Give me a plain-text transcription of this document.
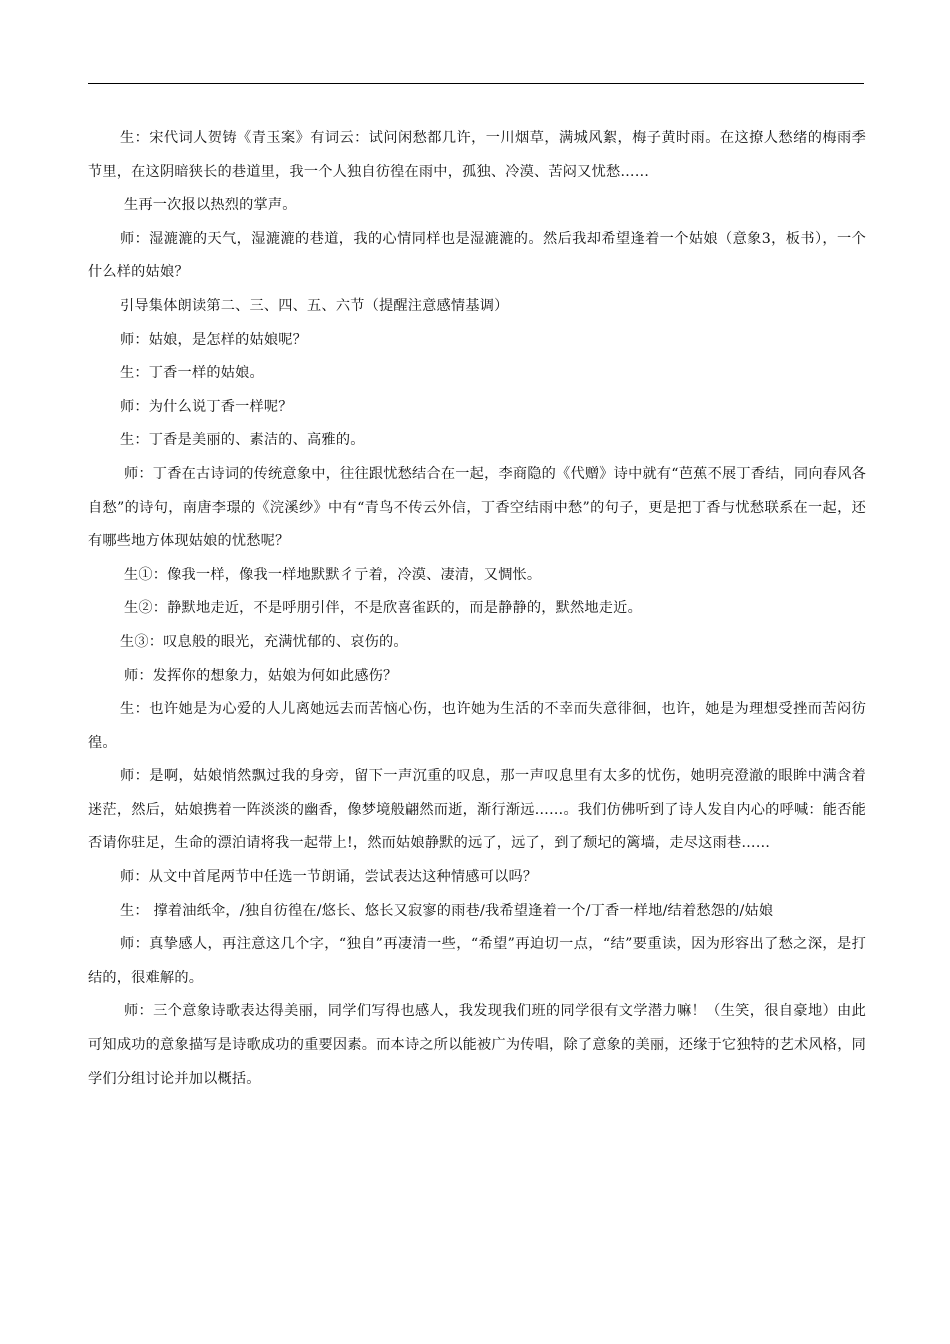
生：宋代词人贺铸《青玉案》有词云：试问闲愁都几许，一川烟草，满城风絮，梅子黄时雨。在这撩人愁绪的梅雨季节里，在这阴暗狭长的巷道里，我一个人独自彷徨在雨中，孤独、冷漠、苦闷又忧愁……

生再一次报以热烈的掌声。

师：湿漉漉的天气，湿漉漉的巷道，我的心情同样也是湿漉漉的。然后我却希望逢着一个姑娘（意象3，板书），一个什么样的姑娘？

引导集体朗读第二、三、四、五、六节（提醒注意感情基调）

师：姑娘，是怎样的姑娘呢？

生：丁香一样的姑娘。

师：为什么说丁香一样呢？

生：丁香是美丽的、素洁的、高雅的。

师：丁香在古诗词的传统意象中，往往跟忧愁结合在一起，李商隐的《代赠》诗中就有“芭蕉不展丁香结，同向春风各自愁”的诗句，南唐李璟的《浣溪纱》中有“青鸟不传云外信，丁香空结雨中愁”的句子，更是把丁香与忧愁联系在一起，还有哪些地方体现姑娘的忧愁呢？

生①：像我一样，像我一样地默默彳亍着，冷漠、凄清，又惆怅。

生②：静默地走近，不是呼朋引伴，不是欣喜雀跃的，而是静静的，默然地走近。

生③：叹息般的眼光，充满忧郁的、哀伤的。

师：发挥你的想象力，姑娘为何如此感伤？

生：也许她是为心爱的人儿离她远去而苦恼心伤，也许她为生活的不幸而失意徘徊，也许，她是为理想受挫而苦闷彷徨。

师：是啊，姑娘悄然飘过我的身旁，留下一声沉重的叹息，那一声叹息里有太多的忧伤，她明亮澄澈的眼眸中满含着迷茫，然后，姑娘携着一阵淡淡的幽香，像梦境般翩然而逝，渐行渐远……。我们仿佛听到了诗人发自内心的呼喊：能否能否请你驻足，生命的漂泊请将我一起带上!，然而姑娘静默的远了，远了，到了颓圮的篱墙，走尽这雨巷……

师：从文中首尾两节中任选一节朗诵，尝试表达这种情感可以吗？

生： 撑着油纸伞，/独自彷徨在/悠长、悠长又寂寥的雨巷/我希望逢着一个/丁香一样地/结着愁怨的/姑娘

师：真挚感人，再注意这几个字，“独自”再凄清一些，“希望”再迫切一点，“结”要重读，因为形容出了愁之深，是打结的，很难解的。

师：三个意象诗歌表达得美丽，同学们写得也感人，我发现我们班的同学很有文学潜力嘛！（生笑，很自豪地）由此可知成功的意象描写是诗歌成功的重要因素。而本诗之所以能被广为传唱，除了意象的美丽，还缘于它独特的艺术风格，同学们分组讨论并加以概括。
